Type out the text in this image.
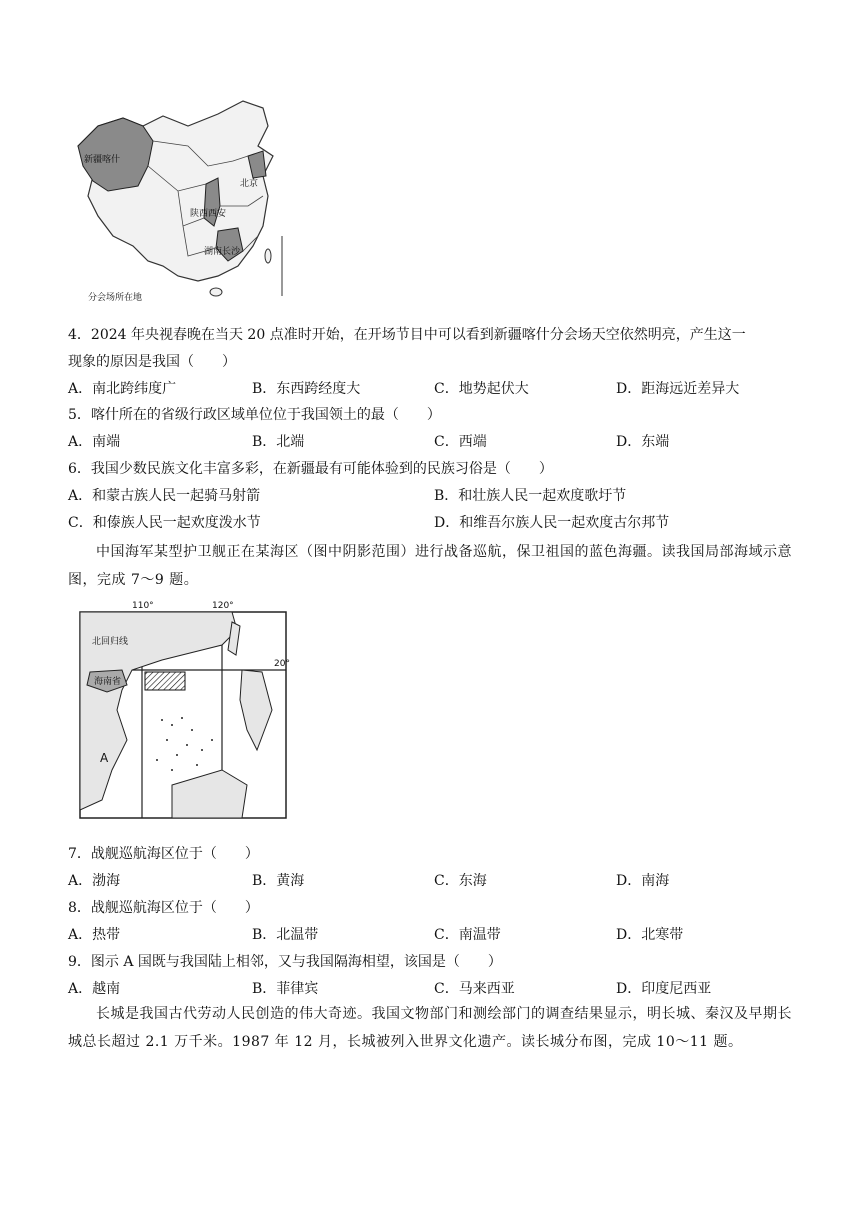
新疆喀什
北京
陕西西安
湖南长沙
分会场所在地
4．2024 年央视春晚在当天 20 点准时开始，在开场节目中可以看到新疆喀什分会场天空依然明亮，产生这一
现象的原因是我国（　　）
A．南北跨纬度广	B．东西跨经度大	C．地势起伏大	D．距海远近差异大
5．喀什所在的省级行政区域单位位于我国领土的最（　　）
A．南端	B．北端	C．西端	D．东端
6．我国少数民族文化丰富多彩，在新疆最有可能体验到的民族习俗是（　　）
A．和蒙古族人民一起骑马射箭	B．和壮族人民一起欢度歌圩节
C．和傣族人民一起欢度泼水节	D．和维吾尔族人民一起欢度古尔邦节
中国海军某型护卫舰正在某海区（图中阴影范围）进行战备巡航，保卫祖国的蓝色海疆。读我国局部海域示意图，完成 7～9 题。
110°	120°
20°
海南省
北回归线
A
7．战舰巡航海区位于（　　）
A．渤海	B．黄海	C．东海	D．南海
8．战舰巡航海区位于（　　）
A．热带	B．北温带	C．南温带	D．北寒带
9．图示 A 国既与我国陆上相邻，又与我国隔海相望，该国是（　　）
A．越南	B．菲律宾	C．马来西亚	D．印度尼西亚
长城是我国古代劳动人民创造的伟大奇迹。我国文物部门和测绘部门的调查结果显示，明长城、秦汉及早期长城总长超过 2.1 万千米。1987 年 12 月，长城被列入世界文化遗产。读长城分布图，完成 10～11 题。
